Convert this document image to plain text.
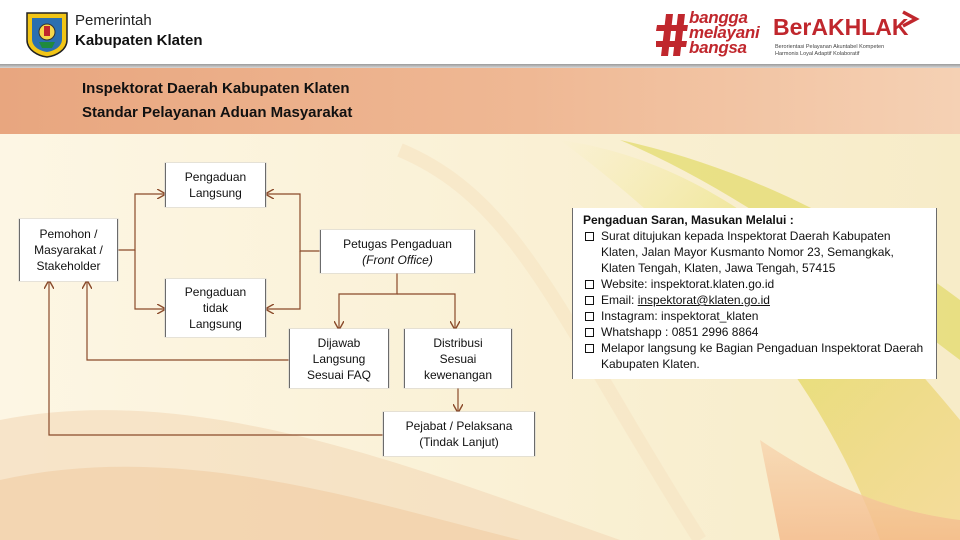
Pemerintah
Kabupaten Klaten
bangga
melayani
bangsa
BerAKHLAK
Berorientasi Pelayanan Akuntabel Kompeten
Harmonis Loyal Adaptif Kolaboratif
Inspektorat Daerah Kabupaten Klaten
Standar Pelayanan Aduan Masyarakat
Pemohon /
Masyarakat /
Stakeholder
Pengaduan
Langsung
Pengaduan
tidak
Langsung
Petugas Pengaduan
(Front Office)
Dijawab
Langsung
Sesuai FAQ
Distribusi
Sesuai
kewenangan
Pejabat / Pelaksana
(Tindak Lanjut)
Pengaduan Saran, Masukan Melalui :
Surat ditujukan kepada Inspektorat Daerah Kabupaten Klaten, Jalan Mayor Kusmanto Nomor 23, Semangkak, Klaten Tengah, Klaten, Jawa Tengah, 57415
Website: inspektorat.klaten.go.id
Email: inspektorat@klaten.go.id
Instagram: inspektorat_klaten
Whatshapp : 0851 2996 8864
Melapor langsung ke Bagian Pengaduan Inspektorat Daerah Kabupaten Klaten.
